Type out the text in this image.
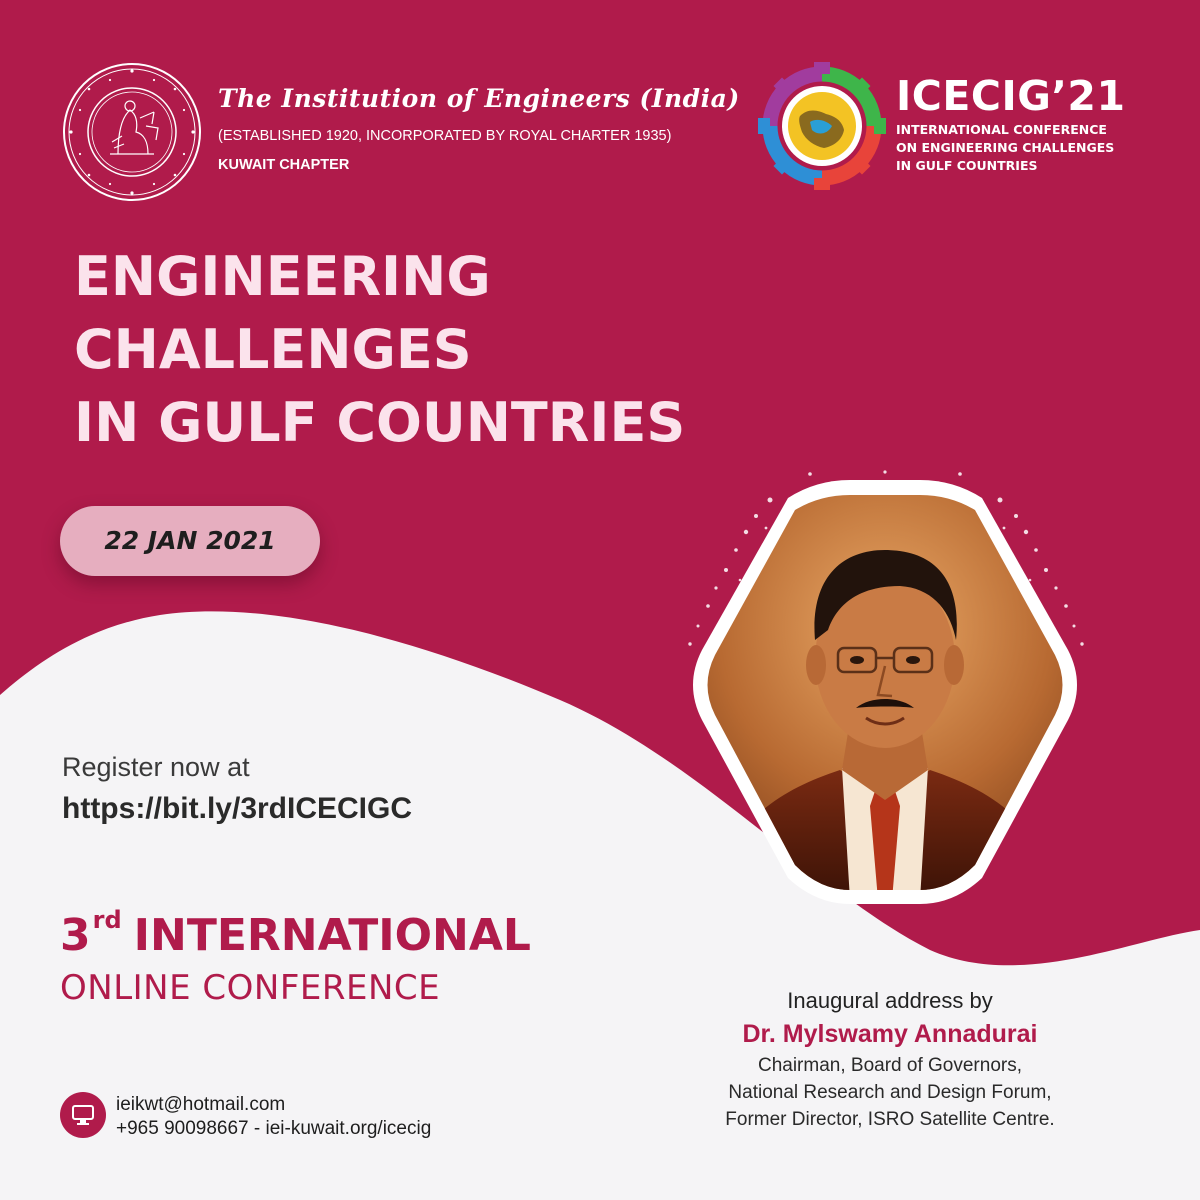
The Institution of Engineers (India)
(ESTABLISHED 1920, INCORPORATED BY ROYAL CHARTER 1935)
KUWAIT CHAPTER
ICECIG’21
INTERNATIONAL CONFERENCE
ON ENGINEERING CHALLENGES
IN GULF COUNTRIES
ENGINEERING
CHALLENGES
IN GULF COUNTRIES
22 JAN 2021
Register now at
https://bit.ly/3rdICECIGC
3rd INTERNATIONAL
ONLINE CONFERENCE
ieikwt@hotmail.com
+965 90098667 - iei-kuwait.org/icecig
Inaugural address by
Dr. Mylswamy Annadurai
Chairman, Board of Governors,
National Research and Design Forum,
Former Director, ISRO Satellite Centre.
